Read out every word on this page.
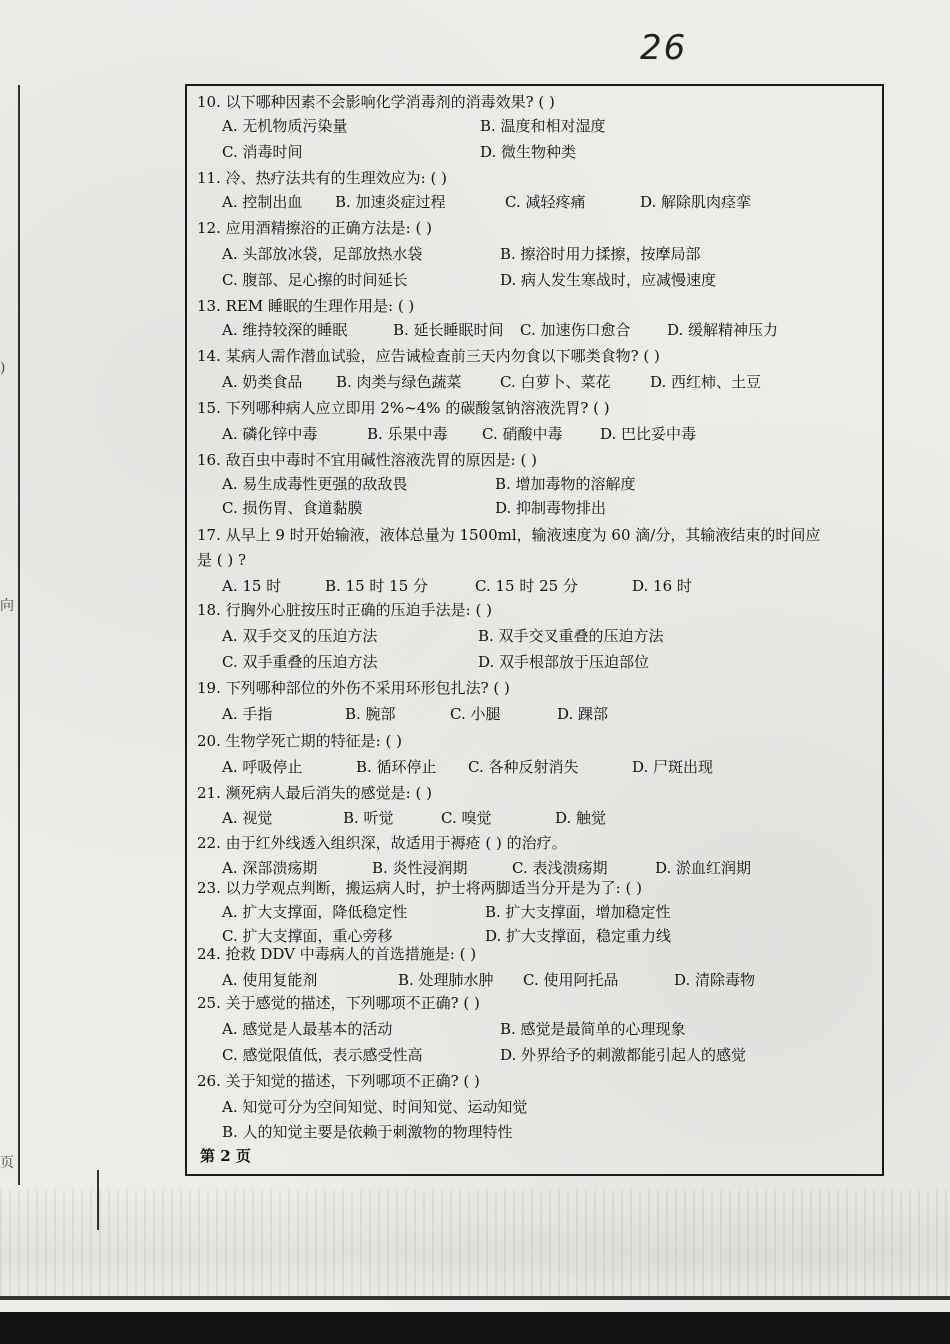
)
向
页
26
10. 以下哪种因素不会影响化学消毒剂的消毒效果? ( )
A. 无机物质污染量	B. 温度和相对湿度
C. 消毒时间	D. 微生物种类
11. 冷、热疗法共有的生理效应为: ( )
A. 控制出血 B. 加速炎症过程	C. 减轻疼痛	D. 解除肌肉痉挛
12. 应用酒精擦浴的正确方法是: ( )
A. 头部放冰袋，足部放热水袋	B. 擦浴时用力揉擦，按摩局部
C. 腹部、足心擦的时间延长	D. 病人发生寒战时，应减慢速度
13. REM 睡眠的生理作用是: ( )
A. 维持较深的睡眠	B. 延长睡眠时间 C. 加速伤口愈合 D. 缓解精神压力
14. 某病人需作潜血试验，应告诫检查前三天内勿食以下哪类食物? ( )
A. 奶类食品 B. 肉类与绿色蔬菜	C. 白萝卜、菜花	D. 西红柿、土豆
15. 下列哪种病人应立即用 2%~4% 的碳酸氢钠溶液洗胃? ( )
A. 磷化锌中毒	B. 乐果中毒 C. 硝酸中毒	D. 巴比妥中毒
16. 敌百虫中毒时不宜用碱性溶液洗胃的原因是: ( )
A. 易生成毒性更强的敌敌畏	B. 增加毒物的溶解度
C. 损伤胃、食道黏膜	D. 抑制毒物排出
17. 从早上 9 时开始输液，液体总量为 1500ml，输液速度为 60 滴/分，其输液结束的时间应
是 ( ) ?
A. 15 时	B. 15 时 15 分	C. 15 时 25 分	D. 16 时
18. 行胸外心脏按压时正确的压迫手法是: ( )
A. 双手交叉的压迫方法	B. 双手交叉重叠的压迫方法
C. 双手重叠的压迫方法	D. 双手根部放于压迫部位
19. 下列哪种部位的外伤不采用环形包扎法? ( )
A. 手指	B. 腕部	C. 小腿	D. 踝部
20. 生物学死亡期的特征是: ( )
A. 呼吸停止	B. 循环停止 C. 各种反射消失	D. 尸斑出现
21. 濒死病人最后消失的感觉是: ( )
A. 视觉	B. 听觉	C. 嗅觉	D. 触觉
22. 由于红外线透入组织深，故适用于褥疮 ( ) 的治疗。
A. 深部溃疡期	B. 炎性浸润期	C. 表浅溃疡期	D. 淤血红润期
23. 以力学观点判断，搬运病人时，护士将两脚适当分开是为了: ( )
A. 扩大支撑面，降低稳定性	B. 扩大支撑面，增加稳定性
C. 扩大支撑面，重心旁移	D. 扩大支撑面，稳定重力线
24. 抢救 DDV 中毒病人的首选措施是: ( )
A. 使用复能剂	B. 处理肺水肿 C. 使用阿托品	D. 清除毒物
25. 关于感觉的描述，下列哪项不正确? ( )
A. 感觉是人最基本的活动	B. 感觉是最简单的心理现象
C. 感觉限值低，表示感受性高	D. 外界给予的刺激都能引起人的感觉
26. 关于知觉的描述，下列哪项不正确? ( )
A. 知觉可分为空间知觉、时间知觉、运动知觉
B. 人的知觉主要是依赖于刺激物的物理特性
第 2 页
